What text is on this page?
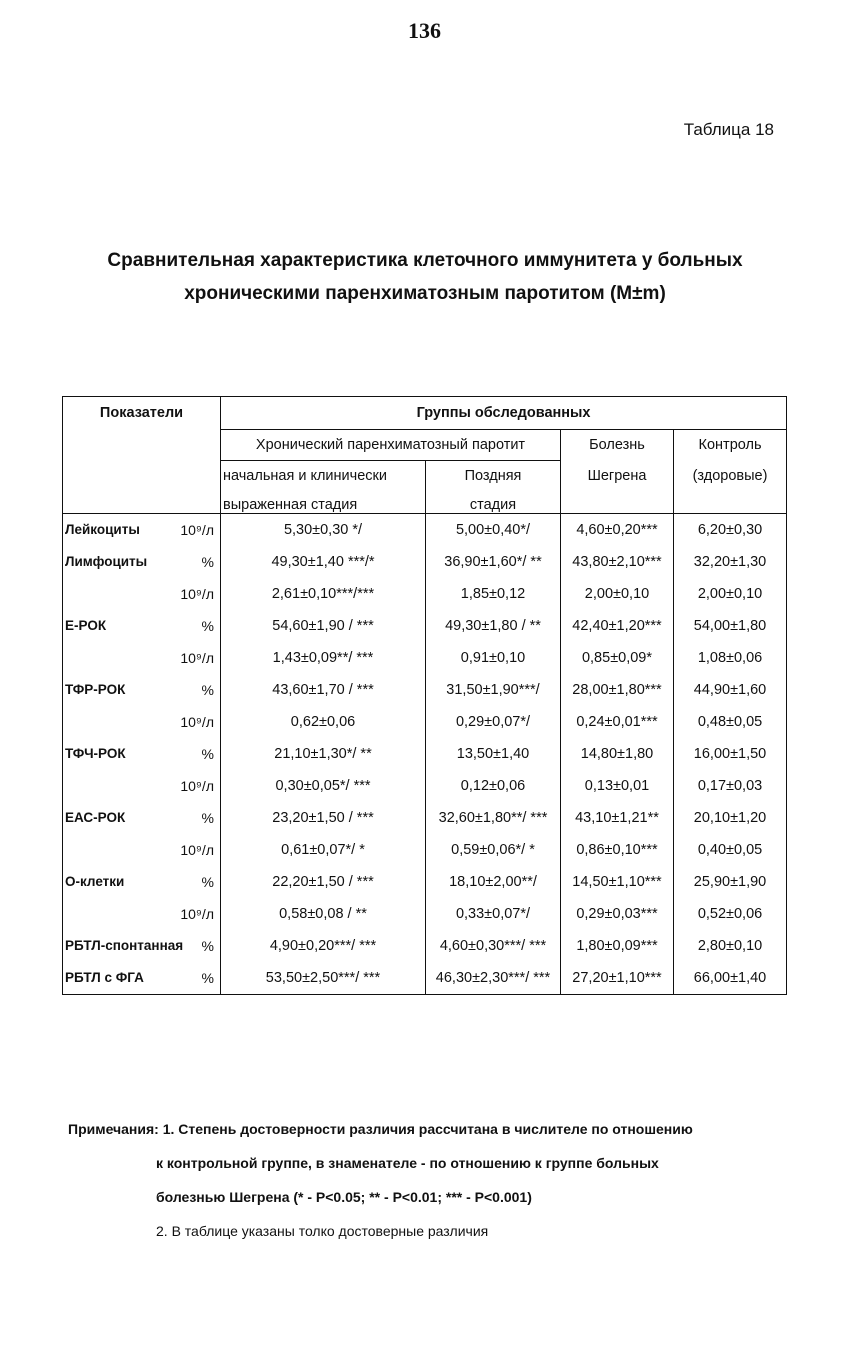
136
Таблица 18
Сравнительная характеристика клеточного иммунитета у больных
хроническими паренхиматозным паротитом (M±m)
Показатели	Группы обследованных			
	Хронический паренхиматозный паротит		Болезнь	Контроль
	начальная и клинически	Поздняя	Шегрена	(здоровые)
	выраженная стадия	стадия		
Лейкоциты 10⁹/л	5,30±0,30 */	5,00±0,40*/	4,60±0,20***	6,20±0,30
Лимфоциты %	49,30±1,40 ***/*	36,90±1,60*/ **	43,80±2,10***	32,20±1,30

10⁹/л	2,61±0,10***/***	1,85±0,12	2,00±0,10	2,00±0,10
Е-РОК %	54,60±1,90 / ***	49,30±1,80 / **	42,40±1,20***	54,00±1,80

10⁹/л	1,43±0,09**/ ***	0,91±0,10	0,85±0,09*	1,08±0,06
ТФР-РОК %	43,60±1,70 / ***	31,50±1,90***/	28,00±1,80***	44,90±1,60

10⁹/л	0,62±0,06	0,29±0,07*/	0,24±0,01***	0,48±0,05
ТФЧ-РОК %	21,10±1,30*/ **	13,50±1,40	14,80±1,80	16,00±1,50

10⁹/л	0,30±0,05*/ ***	0,12±0,06	0,13±0,01	0,17±0,03
ЕАС-РОК %	23,20±1,50 / ***	32,60±1,80**/ ***	43,10±1,21**	20,10±1,20

10⁹/л	0,61±0,07*/ *	0,59±0,06*/ *	0,86±0,10***	0,40±0,05
О-клетки %	22,20±1,50 / ***	18,10±2,00**/	14,50±1,10***	25,90±1,90

10⁹/л	0,58±0,08 / **	0,33±0,07*/	0,29±0,03***	0,52±0,06
РБТЛ-спонтанная %	4,90±0,20***/ ***	4,60±0,30***/ ***	1,80±0,09***	2,80±0,10
РБТЛ с ФГА %	53,50±2,50***/ ***	46,30±2,30***/ ***	27,20±1,10***	66,00±1,40
Примечания: 1. Степень достоверности различия рассчитана в числителе по отношению
к контрольной группе, в знаменателе - по отношению к группе больных
болезнью Шегрена (* - P<0.05; ** - P<0.01; *** - P<0.001)
2. В таблице указаны толко достоверные различия
